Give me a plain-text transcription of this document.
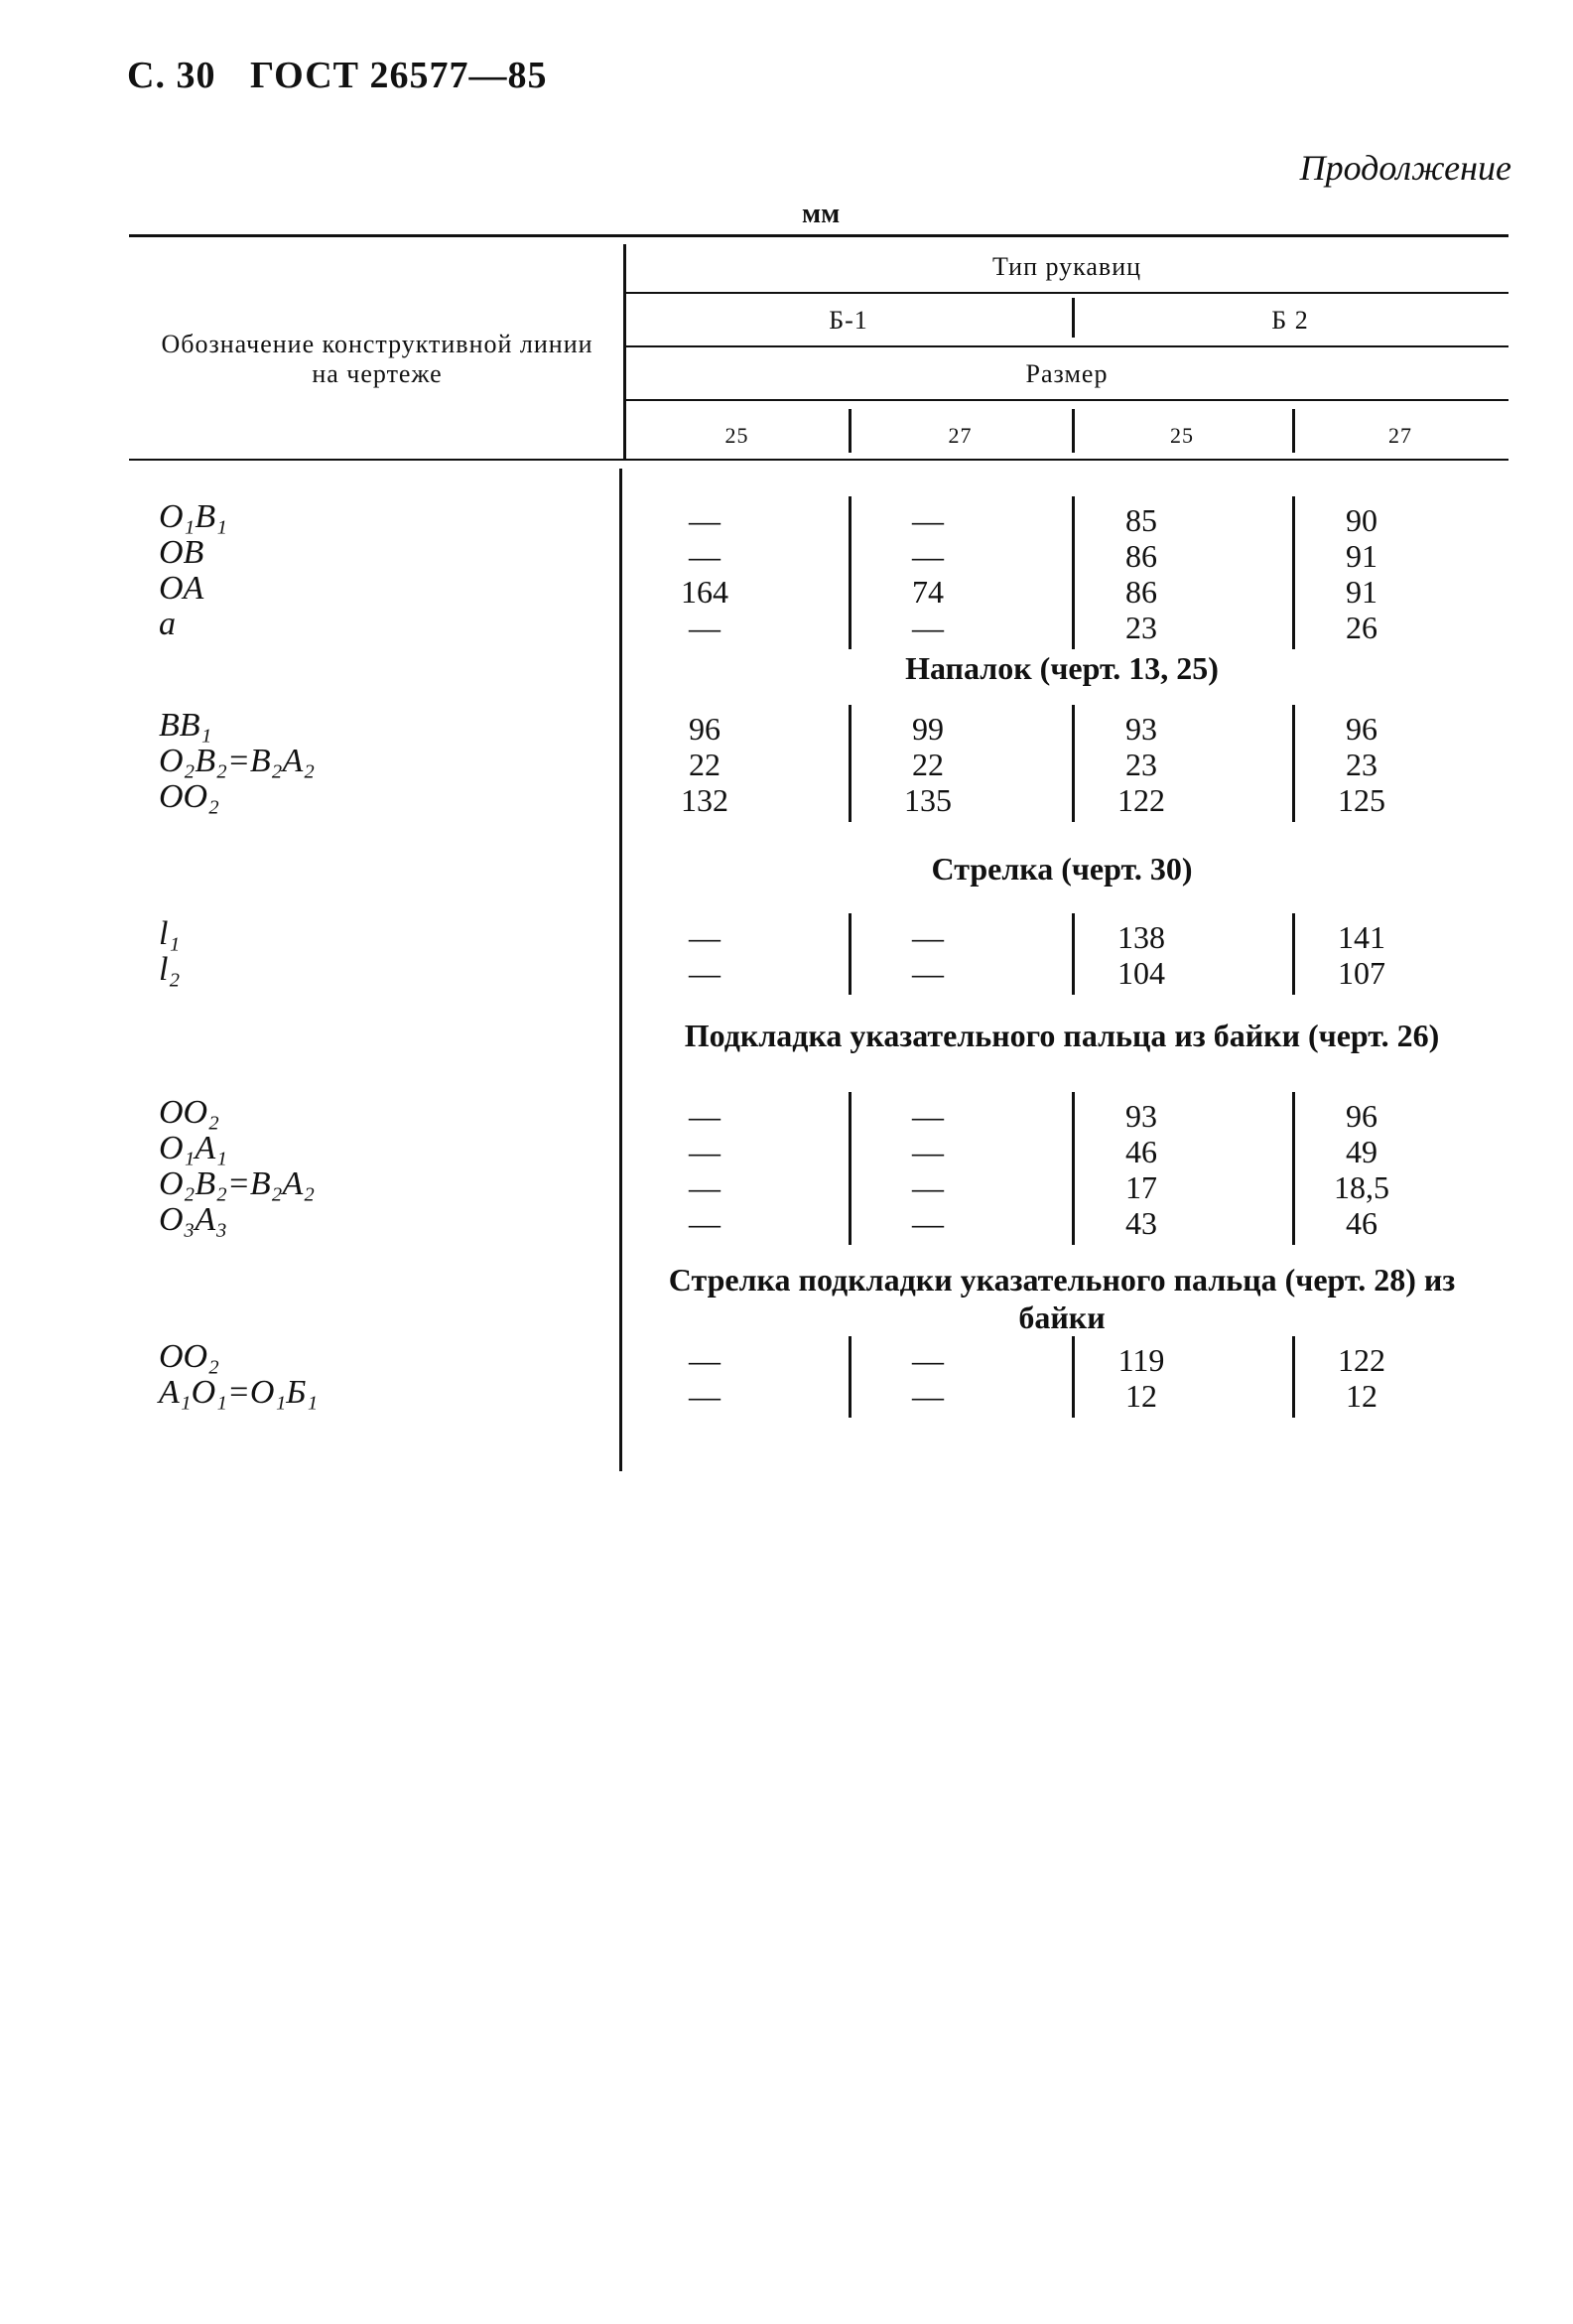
С. 30 ГОСТ 26577—85
Продолжение
мм
Обозначение конструктивной линии на чертеже
Тип рукавиц
Б-1	Б 2
Размер
25	27	25	27
O₁B₁	—	—	85	90
OB	—	—	86	91
OA	164	74	86	91
a	—	—	23	26
Напалок (черт. 13, 25)
BB₁	96	99	93	96
O₂B₂=B₂A₂	22	22	23	23
OO₂	132	135	122	125
Стрелка (черт. 30)
l₁	—	—	138	141
l₂	—	—	104	107
Подкладка указательного пальца из байки (черт. 26)
OO₂	—	—	93	96
O₁A₁	—	—	46	49
O₂B₂=B₂A₂	—	—	17	18,5
O₃A₃	—	—	43	46
Стрелка подкладки указательного пальца (черт. 28) из байки
OO₂	—	—	119	122
A₁O₁=O₁Б₁	—	—	12	12
